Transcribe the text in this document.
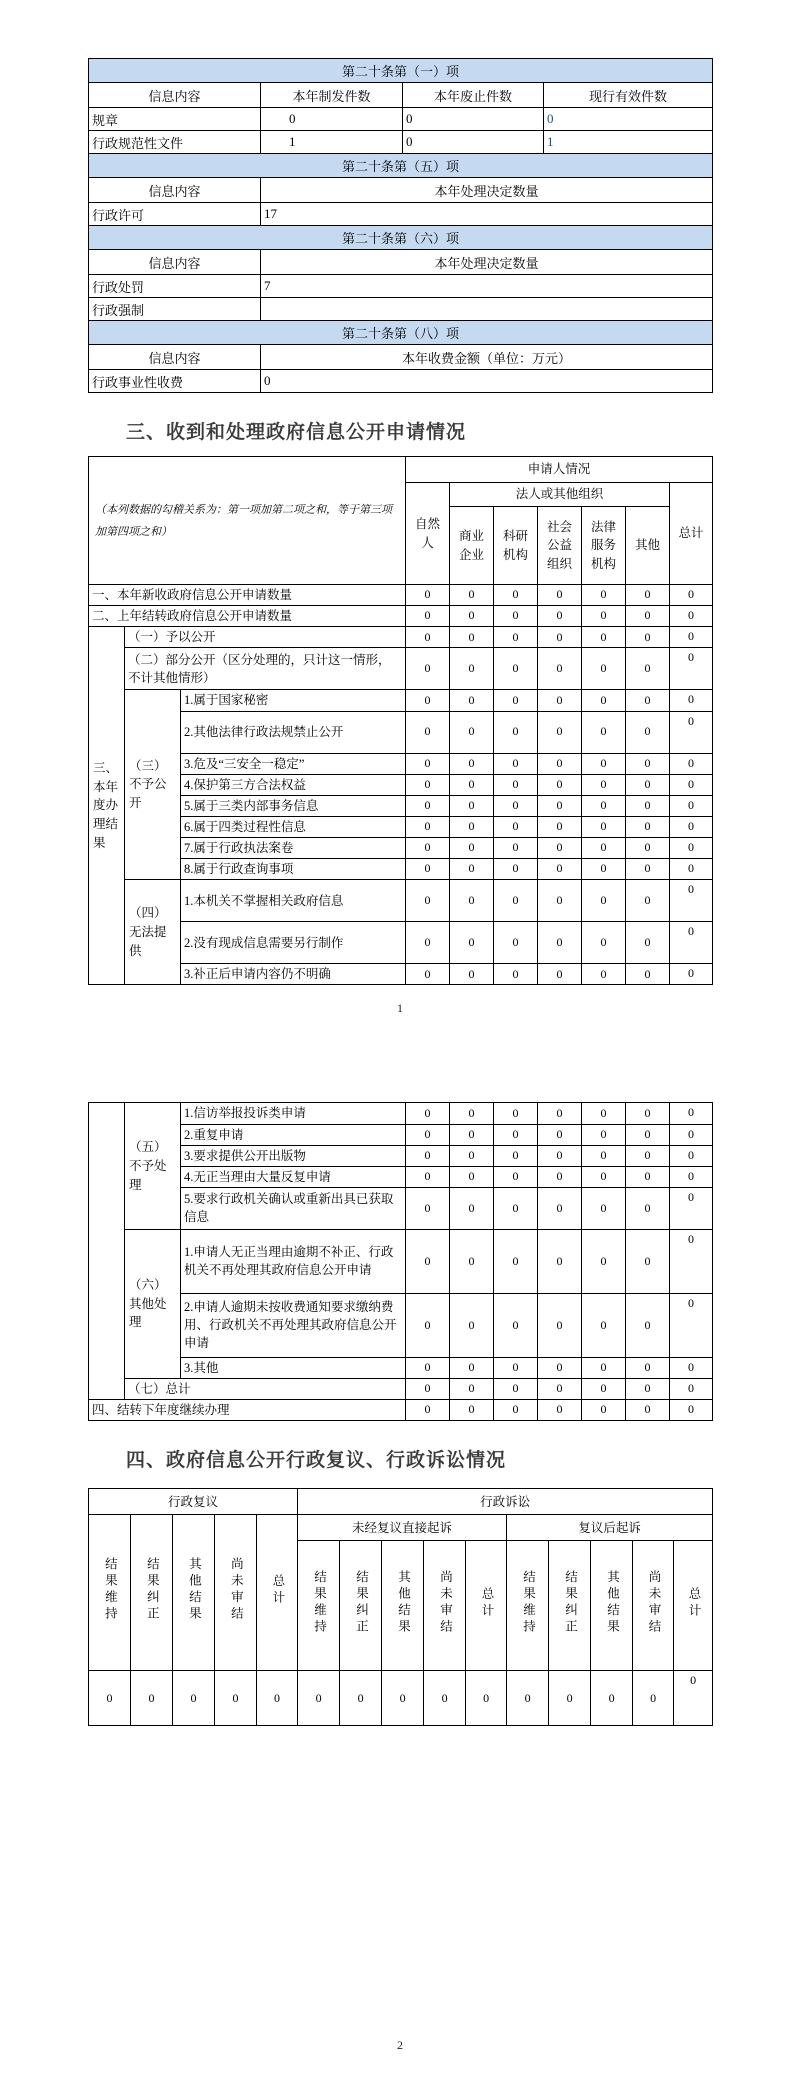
第二十条第（一）项			
信息内容	本年制发件数	本年废止件数	现行有效件数
规章	0	0	0
行政规范性文件	1	0	1
第二十条第（五）项			
信息内容	本年处理决定数量		
行政许可	17		
第二十条第（六）项			
信息内容	本年处理决定数量		
行政处罚	7		
行政强制			
第二十条第（八）项			
信息内容	本年收费金额（单位：万元）		
行政事业性收费	0		
三、收到和处理政府信息公开申请情况
（本列数据的勾稽关系为：第一项加第二项之和，等于第三项加第四项之和）			申请人情况						
			自然人	法人或其他组织					总计
				商业企业	科研机构	社会公益组织	法律服务机构	其他	
一、本年新收政府信息公开申请数量			0	0	0	0	0	0	0
二、上年结转政府信息公开申请数量			0	0	0	0	0	0	0
三、本年度办理结果	（一）予以公开		0	0	0	0	0	0	0
	（二）部分公开（区分处理的，只计这一情形，不计其他情形）		0	0	0	0	0	0	0
	（三）不予公开	1.属于国家秘密	0	0	0	0	0	0	0
		2.其他法律行政法规禁止公开	0	0	0	0	0	0	0
		3.危及“三安全一稳定”	0	0	0	0	0	0	0
		4.保护第三方合法权益	0	0	0	0	0	0	0
		5.属于三类内部事务信息	0	0	0	0	0	0	0
		6.属于四类过程性信息	0	0	0	0	0	0	0
		7.属于行政执法案卷	0	0	0	0	0	0	0
		8.属于行政查询事项	0	0	0	0	0	0	0
	（四）无法提供	1.本机关不掌握相关政府信息	0	0	0	0	0	0	0
		2.没有现成信息需要另行制作	0	0	0	0	0	0	0
		3.补正后申请内容仍不明确	0	0	0	0	0	0	0
1
	（五）不予处理	1.信访举报投诉类申请	0	0	0	0	0	0	0
		2.重复申请	0	0	0	0	0	0	0
		3.要求提供公开出版物	0	0	0	0	0	0	0
		4.无正当理由大量反复申请	0	0	0	0	0	0	0
		5.要求行政机关确认或重新出具已获取信息	0	0	0	0	0	0	0
	（六）其他处理	1.申请人无正当理由逾期不补正、行政机关不再处理其政府信息公开申请	0	0	0	0	0	0	0
		2.申请人逾期未按收费通知要求缴纳费用、行政机关不再处理其政府信息公开申请	0	0	0	0	0	0	0
		3.其他	0	0	0	0	0	0	0
	（七）总计		0	0	0	0	0	0	0
四、结转下年度继续办理			0	0	0	0	0	0	0
四、政府信息公开行政复议、行政诉讼情况
行政复议					行政诉讼									
结果维持	结果纠正	其他结果	尚未审结	总计	未经复议直接起诉					复议后起诉				
					结果维持	结果纠正	其他结果	尚未审结	总计	结果维持	结果纠正	其他结果	尚未审结	总计
0	0	0	0	0	0	0	0	0	0	0	0	0	0	0
2
